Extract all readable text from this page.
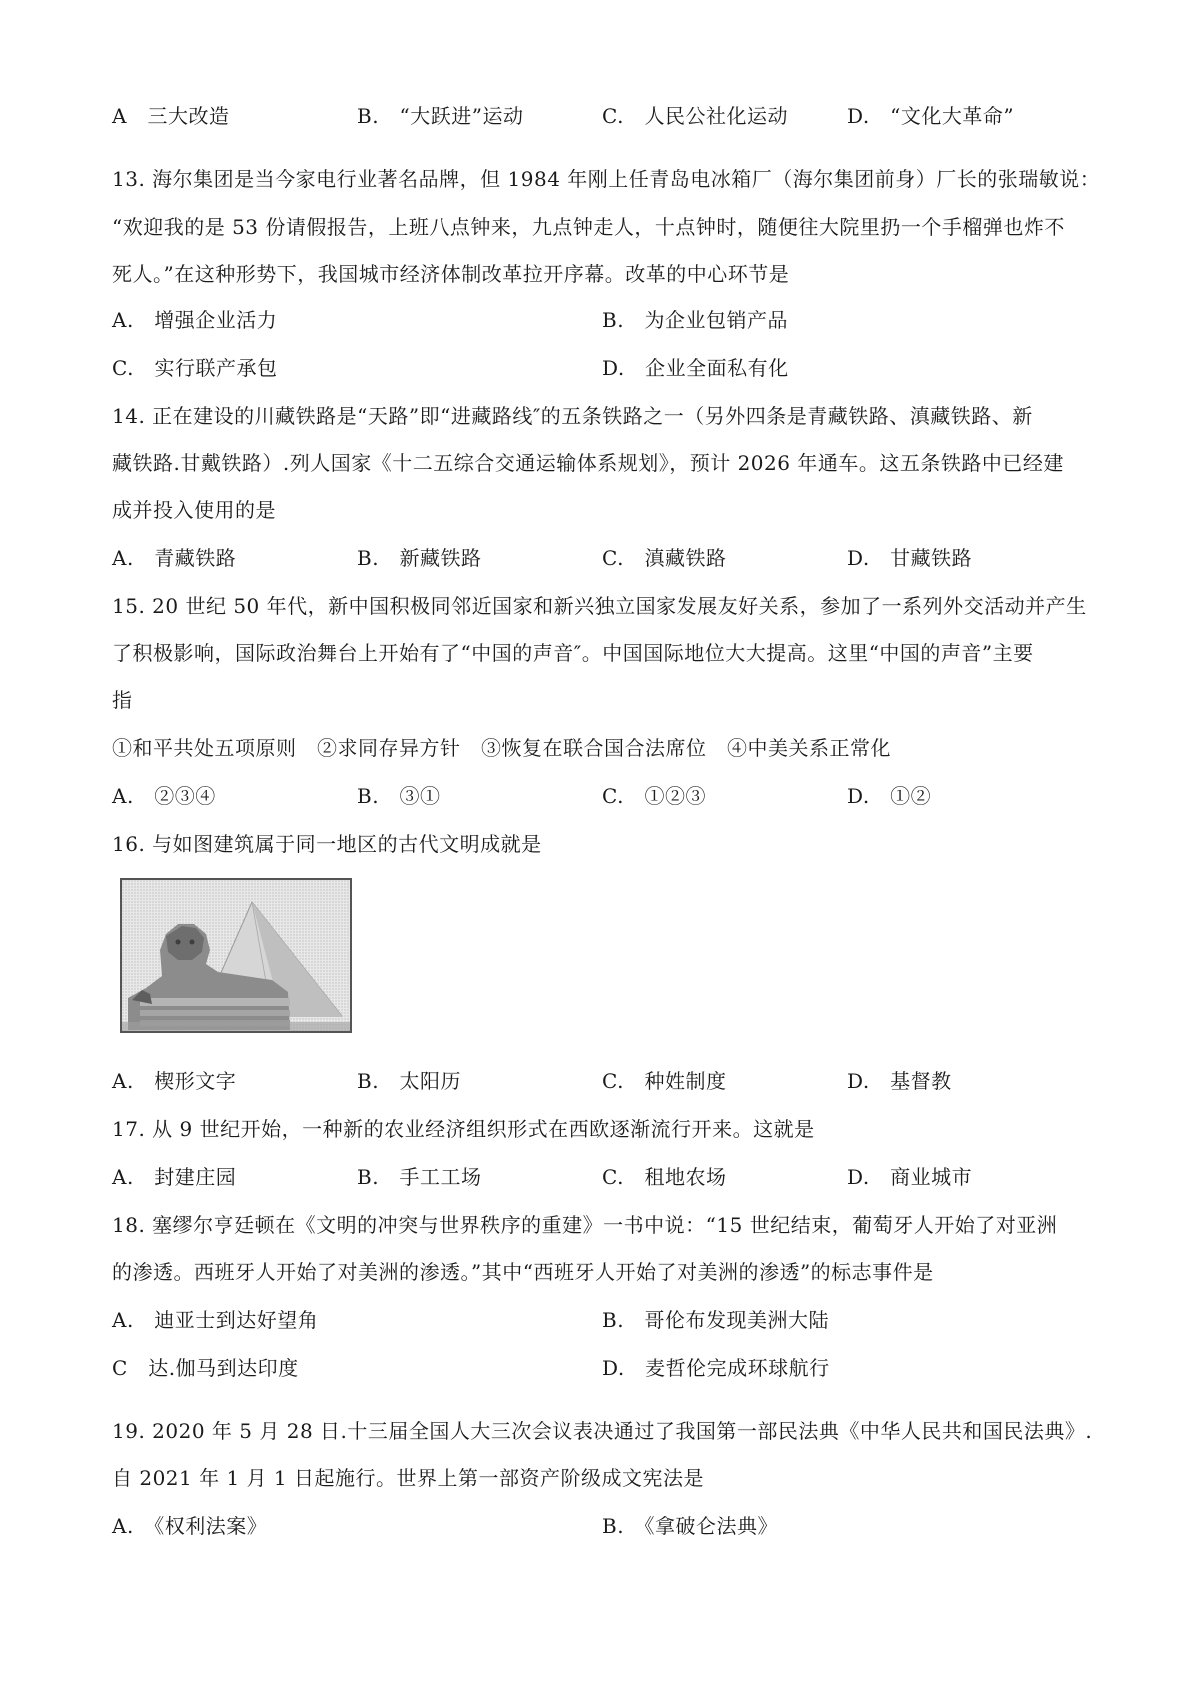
A　三大改造	B.　“大跃进”运动	C.　人民公社化运动	D.　“文化大革命”
13. 海尔集团是当今家电行业著名品牌，但 1984 年刚上任青岛电冰箱厂（海尔集团前身）厂长的张瑞敏说：
“欢迎我的是 53 份请假报告，上班八点钟来，九点钟走人，十点钟时，随便往大院里扔一个手榴弹也炸不
死人。”在这种形势下，我国城市经济体制改革拉开序幕。改革的中心环节是
A.　增强企业活力	B.　为企业包销产品
C.　实行联产承包	D.　企业全面私有化
14. 正在建设的川藏铁路是“天路”即“进藏路线″的五条铁路之一（另外四条是青藏铁路、滇藏铁路、新
藏铁路.甘戴铁路）.列人国家《十二五综合交通运输体系规划》，预计 2026 年通车。这五条铁路中已经建
成并投入使用的是
A.　青藏铁路	B.　新藏铁路	C.　滇藏铁路	D.　甘藏铁路
15. 20 世纪 50 年代，新中国积极同邻近国家和新兴独立国家发展友好关系，参加了一系列外交活动并产生
了积极影响，国际政治舞台上开始有了“中国的声音″。中国国际地位大大提高。这里“中国的声音”主要
指
①和平共处五项原则　②求同存异方针　③恢复在联合国合法席位　④中美关系正常化
A.　②③④	B.　③①	C.　①②③	D.　①②
16. 与如图建筑属于同一地区的古代文明成就是
A.　楔形文字	B.　太阳历	C.　种姓制度	D.　基督教
17. 从 9 世纪开始，一种新的农业经济组织形式在西欧逐渐流行开来。这就是
A.　封建庄园	B.　手工工场	C.　租地农场	D.　商业城市
18. 塞缪尔亨廷顿在《文明的冲突与世界秩序的重建》一书中说：“15 世纪结束，葡萄牙人开始了对亚洲
的渗透。西班牙人开始了对美洲的渗透。”其中“西班牙人开始了对美洲的渗透”的标志事件是
A.　迪亚士到达好望角	B.　哥伦布发现美洲大陆
C　达.伽马到达印度	D.　麦哲伦完成环球航行
19. 2020 年 5 月 28 日.十三届全国人大三次会议表决通过了我国第一部民法典《中华人民共和国民法典》.
自 2021 年 1 月 1 日起施行。世界上第一部资产阶级成文宪法是
A.　《权利法案》	B.　《拿破仑法典》
